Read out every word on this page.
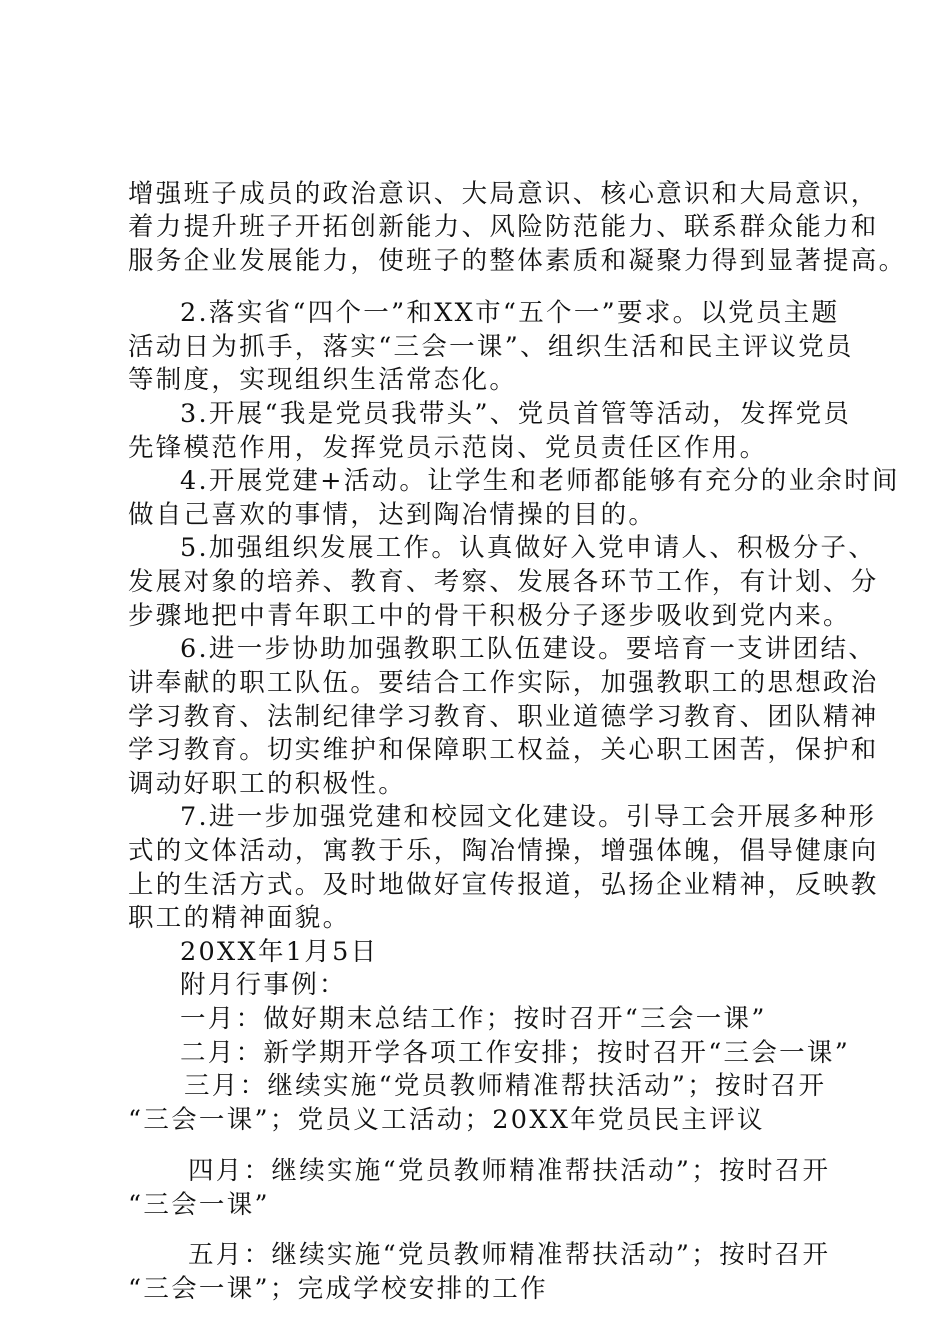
增强班子成员的政治意识、大局意识、核心意识和大局意识，
着力提升班子开拓创新能力、风险防范能力、联系群众能力和
服务企业发展能力，使班子的整体素质和凝聚力得到显著提高。
2.落实省“四个一”和XX市“五个一”要求。以党员主题
活动日为抓手，落实“三会一课”、组织生活和民主评议党员
等制度，实现组织生活常态化。
3.开展“我是党员我带头”、党员首管等活动，发挥党员
先锋模范作用，发挥党员示范岗、党员责任区作用。
4.开展党建+活动。让学生和老师都能够有充分的业余时间
做自己喜欢的事情，达到陶冶情操的目的。
5.加强组织发展工作。认真做好入党申请人、积极分子、
发展对象的培养、教育、考察、发展各环节工作，有计划、分
步骤地把中青年职工中的骨干积极分子逐步吸收到党内来。
6.进一步协助加强教职工队伍建设。要培育一支讲团结、
讲奉献的职工队伍。要结合工作实际，加强教职工的思想政治
学习教育、法制纪律学习教育、职业道德学习教育、团队精神
学习教育。切实维护和保障职工权益，关心职工困苦，保护和
调动好职工的积极性。
7.进一步加强党建和校园文化建设。引导工会开展多种形
式的文体活动，寓教于乐，陶冶情操，增强体魄，倡导健康向
上的生活方式。及时地做好宣传报道，弘扬企业精神，反映教
职工的精神面貌。
20XX年1月5日
附月行事例：
一月：做好期末总结工作；按时召开“三会一课”
二月：新学期开学各项工作安排；按时召开“三会一课”
三月：继续实施“党员教师精准帮扶活动”；按时召开
“三会一课”；党员义工活动；20XX年党员民主评议
四月：继续实施“党员教师精准帮扶活动”；按时召开
“三会一课”
五月：继续实施“党员教师精准帮扶活动”；按时召开
“三会一课”；完成学校安排的工作
